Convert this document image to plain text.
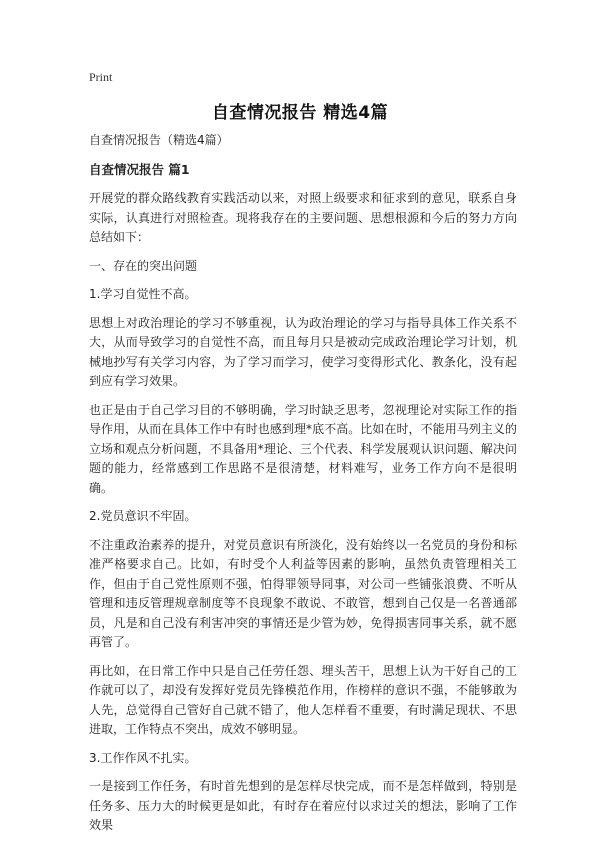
Print
自查情况报告 精选4篇

自查情况报告（精选4篇）

自查情况报告 篇1

开展党的群众路线教育实践活动以来，对照上级要求和征求到的意见，联系自身实际，认真进行对照检查。现将我存在的主要问题、思想根源和今后的努力方向总结如下：

一、存在的突出问题

1.学习自觉性不高。

思想上对政治理论的学习不够重视，认为政治理论的学习与指导具体工作关系不大，从而导致学习的自觉性不高，而且每月只是被动完成政治理论学习计划，机械地抄写有关学习内容，为了学习而学习，使学习变得形式化、教条化，没有起到应有学习效果。

也正是由于自己学习目的不够明确，学习时缺乏思考，忽视理论对实际工作的指导作用，从而在具体工作中有时也感到理*底不高。比如在时，不能用马列主义的立场和观点分析问题，不具备用*理论、三个代表、科学发展观认识问题、解决问题的能力，经常感到工作思路不是很清楚，材料难写，业务工作方向不是很明确。

2.党员意识不牢固。

不注重政治素养的提升，对党员意识有所淡化，没有始终以一名党员的身份和标准严格要求自己。比如，有时受个人利益等因素的影响，虽然负责管理相关工作，但由于自己党性原则不强，怕得罪领导同事，对公司一些铺张浪费、不听从管理和违反管理规章制度等不良现象不敢说、不敢管，想到自己仅是一名普通部员，凡是和自己没有利害冲突的事情还是少管为妙，免得损害同事关系，就不愿再管了。

再比如，在日常工作中只是自己任劳任怨、埋头苦干，思想上认为干好自己的工作就可以了，却没有发挥好党员先锋模范作用，作榜样的意识不强，不能够敢为人先，总觉得自己管好自己就不错了，他人怎样看不重要，有时满足现状、不思进取，工作特点不突出，成效不够明显。

3.工作作风不扎实。

一是接到工作任务，有时首先想到的是怎样尽快完成，而不是怎样做到，特别是任务多、压力大的时候更是如此，有时存在着应付以求过关的想法，影响了工作效果
